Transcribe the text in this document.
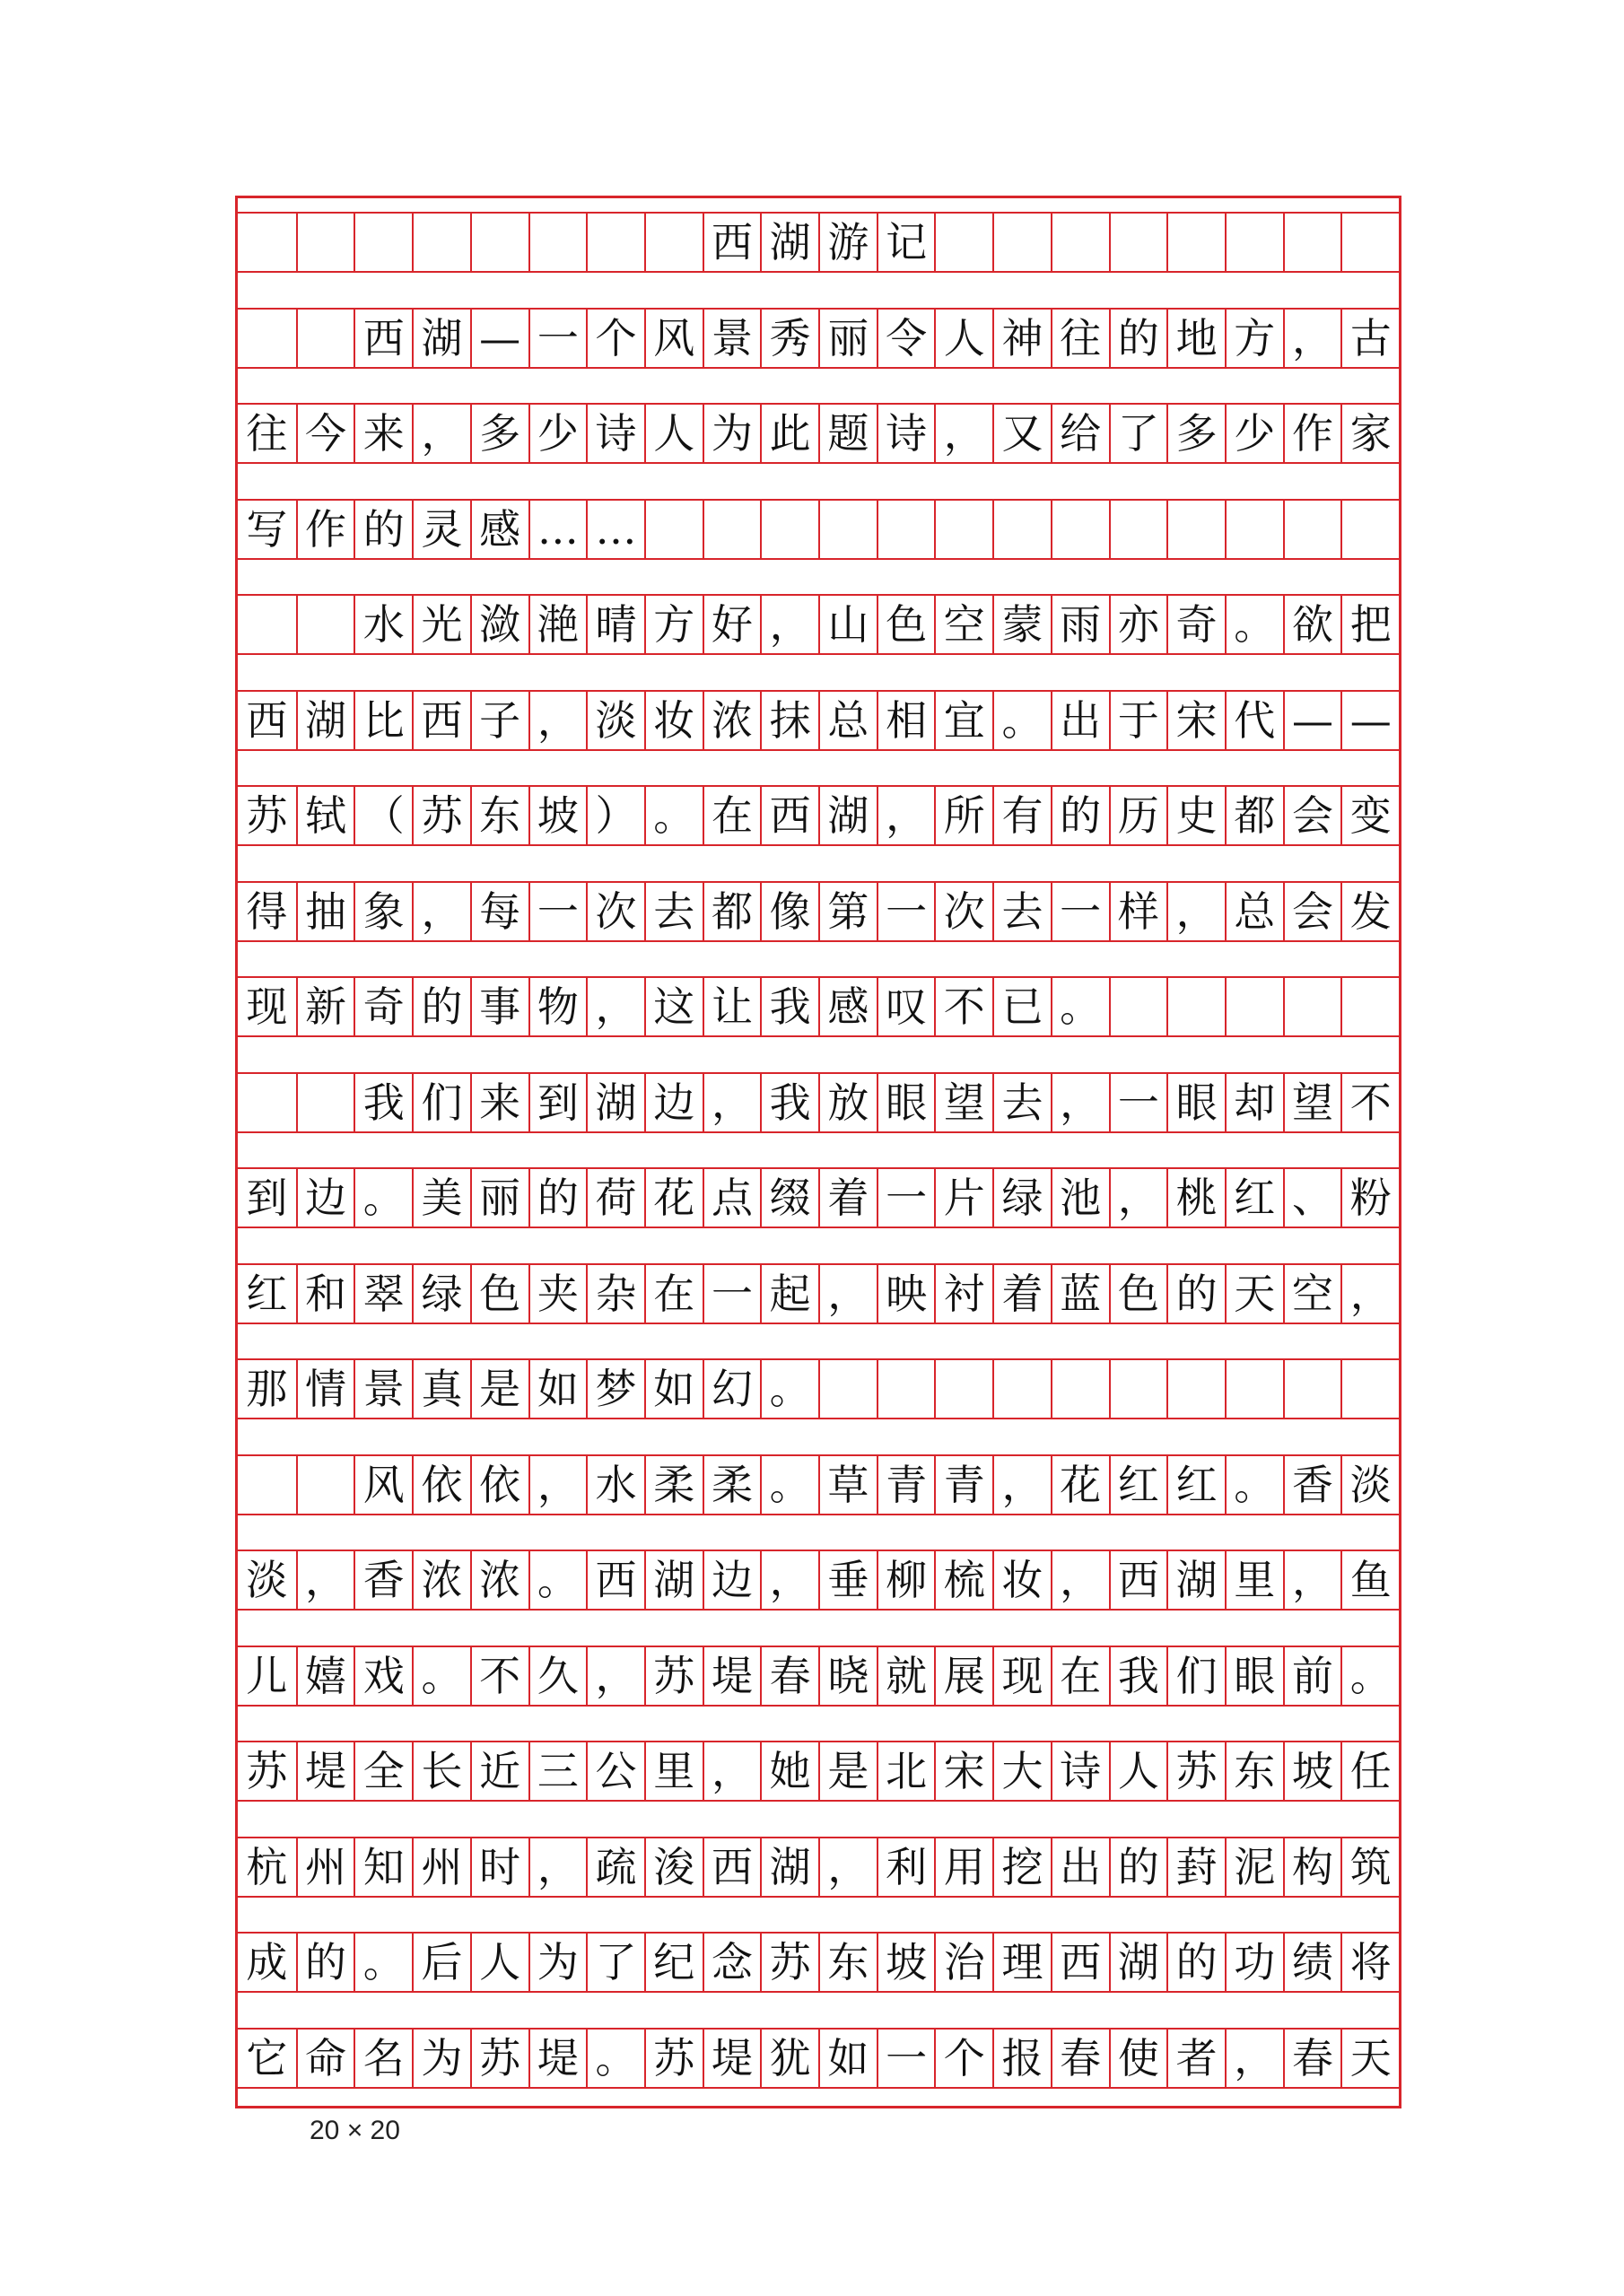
西 湖 游 记
西 湖 — 一 个 风 景 秀 丽 令 人 神 往 的 地 方 ， 古
往 今 来 ， 多 少 诗 人 为 此 题 诗 ， 又 给 了 多 少 作 家
写 作 的 灵 感 … …
水 光 潋 滟 晴 方 好 ， 山 色 空 蒙 雨 亦 奇 。 欲 把
西 湖 比 西 子 ， 淡 妆 浓 抹 总 相 宜 。 出 于 宋 代 — —
苏 轼 （ 苏 东 坡 ） 。 在 西 湖 ， 所 有 的 历 史 都 会 变
得 抽 象 ， 每 一 次 去 都 像 第 一 次 去 一 样 ， 总 会 发
现 新 奇 的 事 物 ， 这 让 我 感 叹 不 已 。
我 们 来 到 湖 边 ， 我 放 眼 望 去 ， 一 眼 却 望 不
到 边 。 美 丽 的 荷 花 点 缀 着 一 片 绿 池 ， 桃 红 、 粉
红 和 翠 绿 色 夹 杂 在 一 起 ， 映 衬 着 蓝 色 的 天 空 ，
那 情 景 真 是 如 梦 如 幻 。
风 依 依 ， 水 柔 柔 。 草 青 青 ， 花 红 红 。 香 淡
淡 ， 香 浓 浓 。 西 湖 边 ， 垂 柳 梳 妆 ， 西 湖 里 ， 鱼
儿 嬉 戏 。 不 久 ， 苏 堤 春 晓 就 展 现 在 我 们 眼 前 。
苏 堤 全 长 近 三 公 里 ， 她 是 北 宋 大 诗 人 苏 东 坡 任
杭 州 知 州 时 ， 疏 浚 西 湖 ， 利 用 挖 出 的 葑 泥 构 筑
成 的 。 后 人 为 了 纪 念 苏 东 坡 治 理 西 湖 的 功 绩 将
它 命 名 为 苏 堤 。 苏 堤 犹 如 一 个 报 春 使 者 ， 春 天
20 × 20
